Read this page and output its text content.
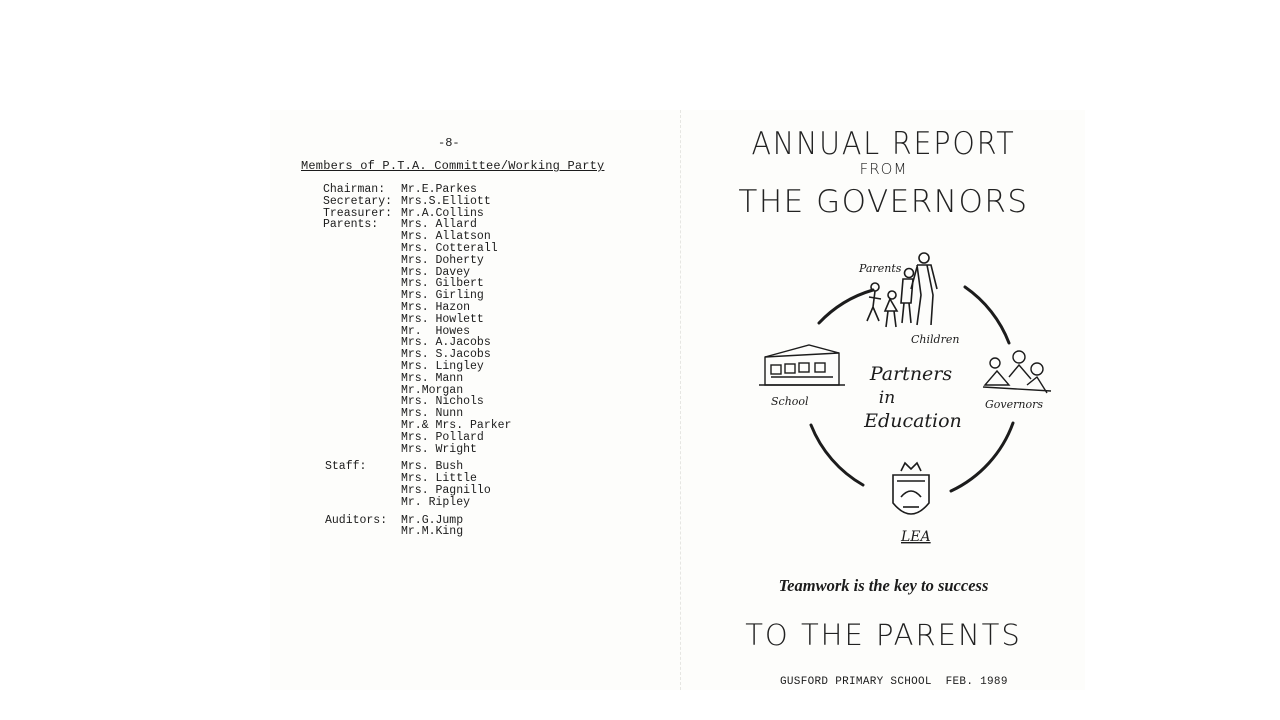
-8-
Members of P.T.A. Committee/Working Party
Chairman: Mr.E.Parkes
Secretary: Mrs.S.Elliott
Treasurer: Mr.A.Collins
Parents: Mrs. Allard
Mrs. Allatson
Mrs. Cotterall
Mrs. Doherty
Mrs. Davey
Mrs. Gilbert
Mrs. Girling
Mrs. Hazon
Mrs. Howlett
Mr.  Howes
Mrs. A.Jacobs
Mrs. S.Jacobs
Mrs. Lingley
Mrs. Mann
Mr.Morgan
Mrs. Nichols
Mrs. Nunn
Mr.& Mrs. Parker
Mrs. Pollard
Mrs. Wright
Staff:	Mrs. Bush
Mrs. Little
Mrs. Pagnillo
Mr. Ripley
Auditors: Mr.G.Jump
Mr.M.King
ANNUAL REPORT
FROM
THE GOVERNORS
Parents
Children
School	Governors
LEA
Partners
in
Education
Teamwork is the key to success
TO THE PARENTS
GUSFORD PRIMARY SCHOOL  FEB. 1989
